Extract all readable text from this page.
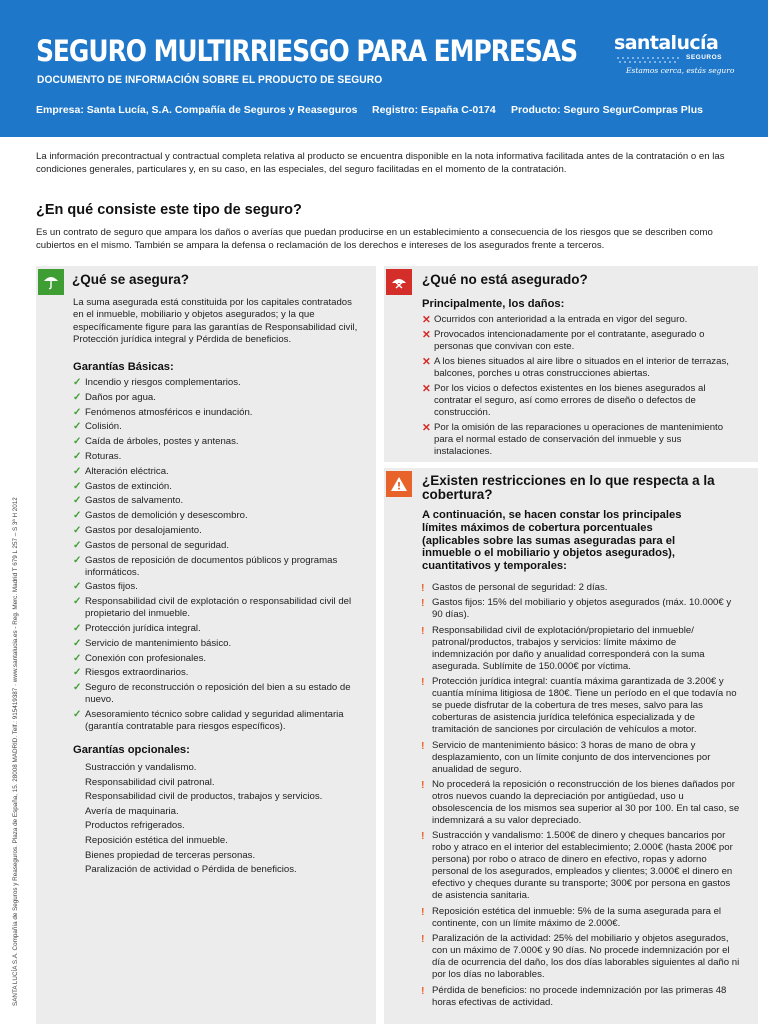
SEGURO MULTIRRIESGO PARA EMPRESAS
DOCUMENTO DE INFORMACIÓN SOBRE EL PRODUCTO DE SEGURO
Empresa: Santa Lucía, S.A. Compañía de Seguros y Reaseguros Registro: España C-0174 Producto: Seguro SegurCompras Plus
santalucía
SEGUROS
Estamos cerca, estás seguro
SANTA LUCÍA S.A. Compañía de Seguros y Reaseguros. Plaza de España, 15. 28008 MADRID. Telf.: 915419387 · www.santalucia.es - Reg. Merc. Madrid T 679 L 257 – S 3ª H 2012
La información precontractual y contractual completa relativa al producto se encuentra disponible en la nota informativa facilitada antes de la contratación o en las condiciones generales, particulares y, en su caso, en las especiales, del seguro facilitadas en el momento de la contratación.
¿En qué consiste este tipo de seguro?
Es un contrato de seguro que ampara los daños o averías que puedan producirse en un establecimiento a consecuencia de los riesgos que se describen como cubiertos en el mismo. También se ampara la defensa o reclamación de los derechos e intereses de los asegurados frente a terceros.
¿Qué se asegura?
La suma asegurada está constituida por los capitales contratados en el inmueble, mobiliario y objetos asegurados; y la que específicamente figure para las garantías de Responsabilidad civil, Protección jurídica integral y Pérdida de beneficios.
Garantías Básicas:
✓ Incendio y riesgos complementarios.
✓ Daños por agua.
✓ Fenómenos atmosféricos e inundación.
✓ Colisión.
✓ Caída de árboles, postes y antenas.
✓ Roturas.
✓ Alteración eléctrica.
✓ Gastos de extinción.
✓ Gastos de salvamento.
✓ Gastos de demolición y desescombro.
✓ Gastos por desalojamiento.
✓ Gastos de personal de seguridad.
✓ Gastos de reposición de documentos públicos y programas informáticos.
✓ Gastos fijos.
✓ Responsabilidad civil de explotación o responsabilidad civil del propietario del inmueble.
✓ Protección jurídica integral.
✓ Servicio de mantenimiento básico.
✓ Conexión con profesionales.
✓ Riesgos extraordinarios.
✓ Seguro de reconstrucción o reposición del bien a su estado de nuevo.
✓ Asesoramiento técnico sobre calidad y seguridad alimentaria (garantía contratable para riesgos específicos).
Garantías opcionales:
Sustracción y vandalismo.
Responsabilidad civil patronal.
Responsabilidad civil de productos, trabajos y servicios.
Avería de maquinaria.
Productos refrigerados.
Reposición estética del inmueble.
Bienes propiedad de terceras personas.
Paralización de actividad o Pérdida de beneficios.
¿Qué no está asegurado?
Principalmente, los daños:
✕ Ocurridos con anterioridad a la entrada en vigor del seguro.
✕ Provocados intencionadamente por el contratante, asegurado o personas que convivan con este.
✕ A los bienes situados al aire libre o situados en el interior de terrazas, balcones, porches u otras construcciones abiertas.
✕ Por los vicios o defectos existentes en los bienes asegurados al contratar el seguro, así como errores de diseño o defectos de construcción.
✕ Por la omisión de las reparaciones u operaciones de mantenimiento para el normal estado de conservación del inmueble y sus instalaciones.
¿Existen restricciones en lo que respecta a la cobertura?
A continuación, se hacen constar los principales límites máximos de cobertura porcentuales (aplicables sobre las sumas aseguradas para el inmueble o el mobiliario y objetos asegurados), cuantitativos y temporales:
! Gastos de personal de seguridad: 2 días.
! Gastos fijos: 15% del mobiliario y objetos asegurados (máx. 10.000€ y 90 días).
! Responsabilidad civil de explotación/propietario del inmueble/ patronal/productos, trabajos y servicios: límite máximo de indemnización por daño y anualidad corresponderá con la suma asegurada. Sublímite de 150.000€ por víctima.
! Protección jurídica integral: cuantía máxima garantizada de 3.200€ y cuantía mínima litigiosa de 180€. Tiene un período en el que todavía no se puede disfrutar de la cobertura de tres meses, salvo para las coberturas de asistencia jurídica telefónica especializada y de tramitación de sanciones por circulación de vehículos a motor.
! Servicio de mantenimiento básico: 3 horas de mano de obra y desplazamiento, con un límite conjunto de dos intervenciones por anualidad de seguro.
! No procederá la reposición o reconstrucción de los bienes dañados por otros nuevos cuando la depreciación por antigüedad, uso u obsolescencia de los mismos sea superior al 30 por 100. En tal caso, se indemnizará a su valor depreciado.
! Sustracción y vandalismo: 1.500€ de dinero y cheques bancarios por robo y atraco en el interior del establecimiento; 2.000€ (hasta 200€ por persona) por robo o atraco de dinero en efectivo, ropas y adorno personal de los asegurados, empleados y clientes; 3.000€ el dinero en efectivo y cheques durante su transporte; 300€ por persona en gastos de asistencia sanitaria.
! Reposición estética del inmueble: 5% de la suma asegurada para el continente, con un límite máximo de 2.000€.
! Paralización de la actividad: 25% del mobiliario y objetos asegurados, con un máximo de 7.000€ y 90 días. No procede indemnización por el día de ocurrencia del daño, los dos días laborables siguientes al daño ni por los días no laborables.
! Pérdida de beneficios: no procede indemnización por las primeras 48 horas efectivas de actividad.
